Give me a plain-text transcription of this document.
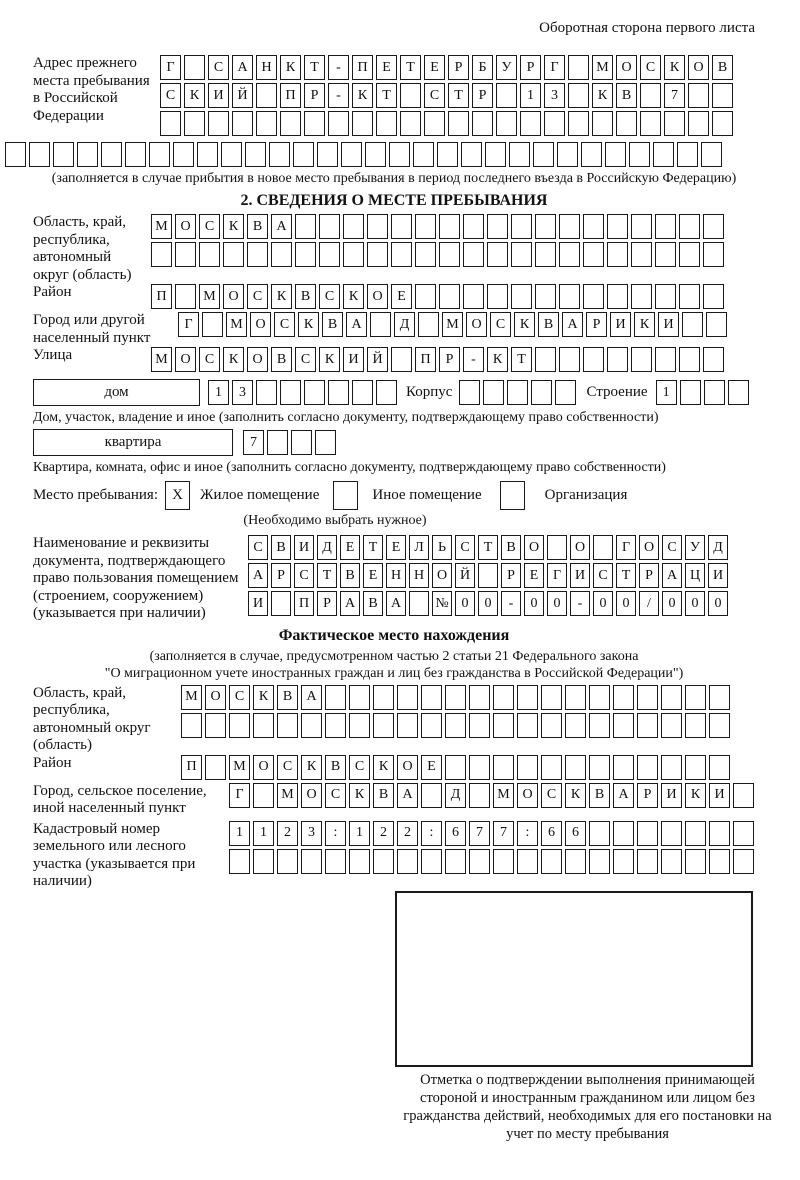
Оборотная сторона первого листа
Адрес прежнего места пребывания в Российской Федерации
Г	С	А Н	К	Т	-	П	Е	Т	Е	Р	Б	У	Р	Г	М О	С	К	О	В
С	К	И Й	П	Р	-	К	Т	С	Т	Р	1	3	К	В	7
(заполняется в случае прибытия в новое место пребывания в период последнего въезда в Российскую Федерацию)
2. СВЕДЕНИЯ О МЕСТЕ ПРЕБЫВАНИЯ
Область, край, республика, автономный округ (область)
М О	С	К	В	А
Район	П	М О	С	К	В	С	К	О	Е
Город или другой населенный пункт
Г	М О	С	К	В	А	Д	М О	С	К	В	А	Р	И	К	И
Улица	М О	С	К	О	В	С	К	И Й	П	Р	-	К	Т
дом	1	3	Корпус	Строение	1
Дом, участок, владение и иное (заполнить согласно документу, подтверждающему право собственности)
квартира	7
Квартира, комната, офис и иное (заполнить согласно документу, подтверждающему право собственности)
Место пребывания: X	Жилое помещение	Иное помещение	Организация
(Необходимо выбрать нужное)
Наименование и реквизиты документа, подтверждающего право пользования помещением (строением, сооружением) (указывается при наличии)
С В И Д Е	Т	Е Л	Ь	С	Т	В О	О	Г О С У Д
А	Р	С	Т	В	Е Н Н О Й	Р	Е	Г И С	Т	Р	А Ц И
И	П	Р	А В А	№ 0	0	-	0	0	-	0	0	/	0	0	0
Фактическое место нахождения
(заполняется в случае, предусмотренном частью 2 статьи 21 Федерального закона
"О миграционном учете иностранных граждан и лиц без гражданства в Российской Федерации")
Область, край, республика, автономный округ (область)
М О	С	К	В	А
Район	П	М О	С	К	В	С	К	О	Е
Город, сельское поселение, иной населенный пункт
Г	М О	С	К	В	А	Д	М О	С	К	В	А	Р	И	К	И
Кадастровый номер земельного или лесного участка (указывается при наличии)
1	1	2	3	:	1	2	2	:	6	7	7	:	6	6
Отметка о подтверждении выполнения принимающей стороной и иностранным гражданином или лицом без гражданства действий, необходимых для его постановки на учет по месту пребывания
